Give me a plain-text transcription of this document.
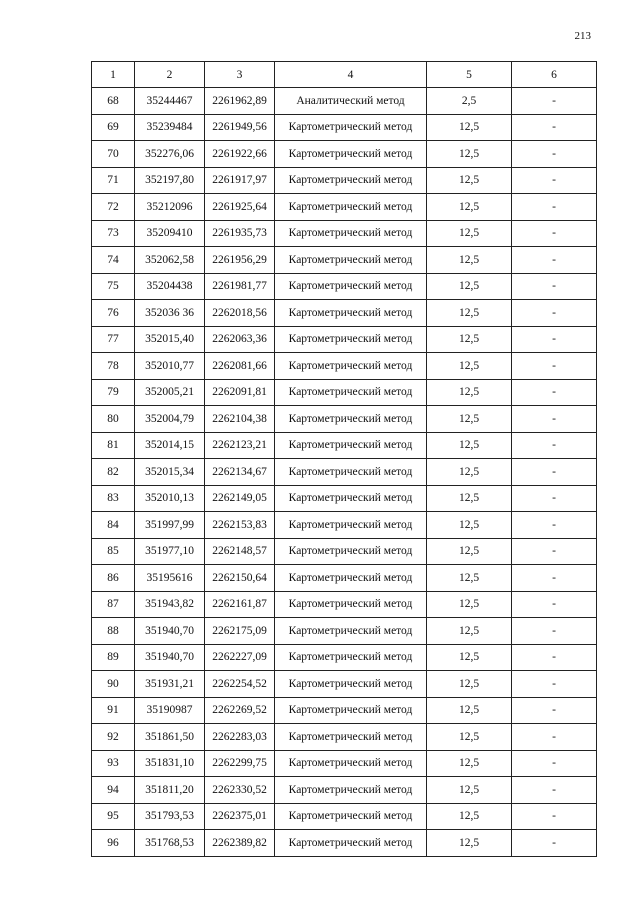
213
1	2	3	4	5	6
68	35244467	2261962,89	Аналитический метод	2,5	-
69	35239484	2261949,56	Картометрический метод	12,5	-
70	352276,06	2261922,66	Картометрический метод	12,5	-
71	352197,80	2261917,97	Картометрический метод	12,5	-
72	35212096	2261925,64	Картометрический метод	12,5	-
73	35209410	2261935,73	Картометрический метод	12,5	-
74	352062,58	2261956,29	Картометрический метод	12,5	-
75	35204438	2261981,77	Картометрический метод	12,5	-
76	352036 36	2262018,56	Картометрический метод	12,5	-
77	352015,40	2262063,36	Картометрический метод	12,5	-
78	352010,77	2262081,66	Картометрический метод	12,5	-
79	352005,21	2262091,81	Картометрический метод	12,5	-
80	352004,79	2262104,38	Картометрический метод	12,5	-
81	352014,15	2262123,21	Картометрический метод	12,5	-
82	352015,34	2262134,67	Картометрический метод	12,5	-
83	352010,13	2262149,05	Картометрический метод	12,5	-
84	351997,99	2262153,83	Картометрический метод	12,5	-
85	351977,10	2262148,57	Картометрический метод	12,5	-
86	35195616	2262150,64	Картометрический метод	12,5	-
87	351943,82	2262161,87	Картометрический метод	12,5	-
88	351940,70	2262175,09	Картометрический метод	12,5	-
89	351940,70	2262227,09	Картометрический метод	12,5	-
90	351931,21	2262254,52	Картометрический метод	12,5	-
91	35190987	2262269,52	Картометрический метод	12,5	-
92	351861,50	2262283,03	Картометрический метод	12,5	-
93	351831,10	2262299,75	Картометрический метод	12,5	-
94	351811,20	2262330,52	Картометрический метод	12,5	-
95	351793,53	2262375,01	Картометрический метод	12,5	-
96	351768,53	2262389,82	Картометрический метод	12,5	-
